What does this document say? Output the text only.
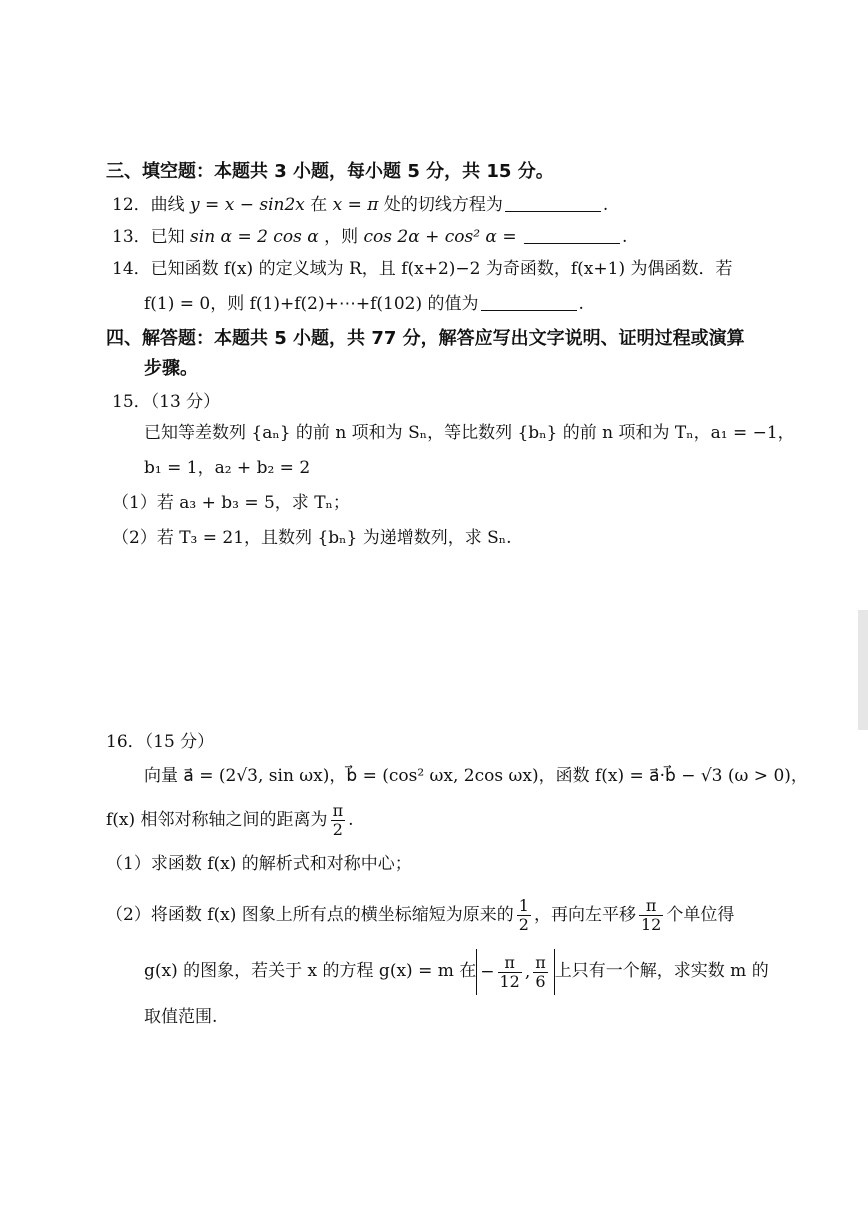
三、填空题：本题共 3 小题，每小题 5 分，共 15 分。
12．曲线 y = x − sin2x 在 x = π 处的切线方程为	.
13．已知 sin α = 2 cos α ，则 cos 2α + cos² α =	.
14．已知函数 f(x) 的定义域为 R，且 f(x+2)−2 为奇函数，f(x+1) 为偶函数．若
f(1) = 0，则 f(1)+f(2)+⋯+f(102) 的值为	.
四、解答题：本题共 5 小题，共 77 分，解答应写出文字说明、证明过程或演算
步骤。
15．（13 分）
已知等差数列 {aₙ} 的前 n 项和为 Sₙ，等比数列 {bₙ} 的前 n 项和为 Tₙ，a₁ = −1，
b₁ = 1，a₂ + b₂ = 2
（1）若 a₃ + b₃ = 5，求 Tₙ；
（2）若 T₃ = 21，且数列 {bₙ} 为递增数列，求 Sₙ.
16．（15 分）
向量 a⃗ = (2√3, sin ωx)，b⃗ = (cos² ωx, 2cos ωx)，函数 f(x) = a⃗·b⃗ − √3 (ω > 0)，
f(x) 相邻对称轴之间的距离为 $\frac{\pi}{2}$ .
（1）求函数 f(x) 的解析式和对称中心；
（2）将函数 f(x) 图象上所有点的横坐标缩短为原来的 $\frac{1}{2}$ ，再向左平移 $\frac{\pi}{12}$ 个单位得
g(x) 的图象，若关于 x 的方程 g(x) = m 在 − $\frac{\pi}{12}$ , $\frac{\pi}{6}$ 上只有一个解，求实数 m 的
取值范围.
